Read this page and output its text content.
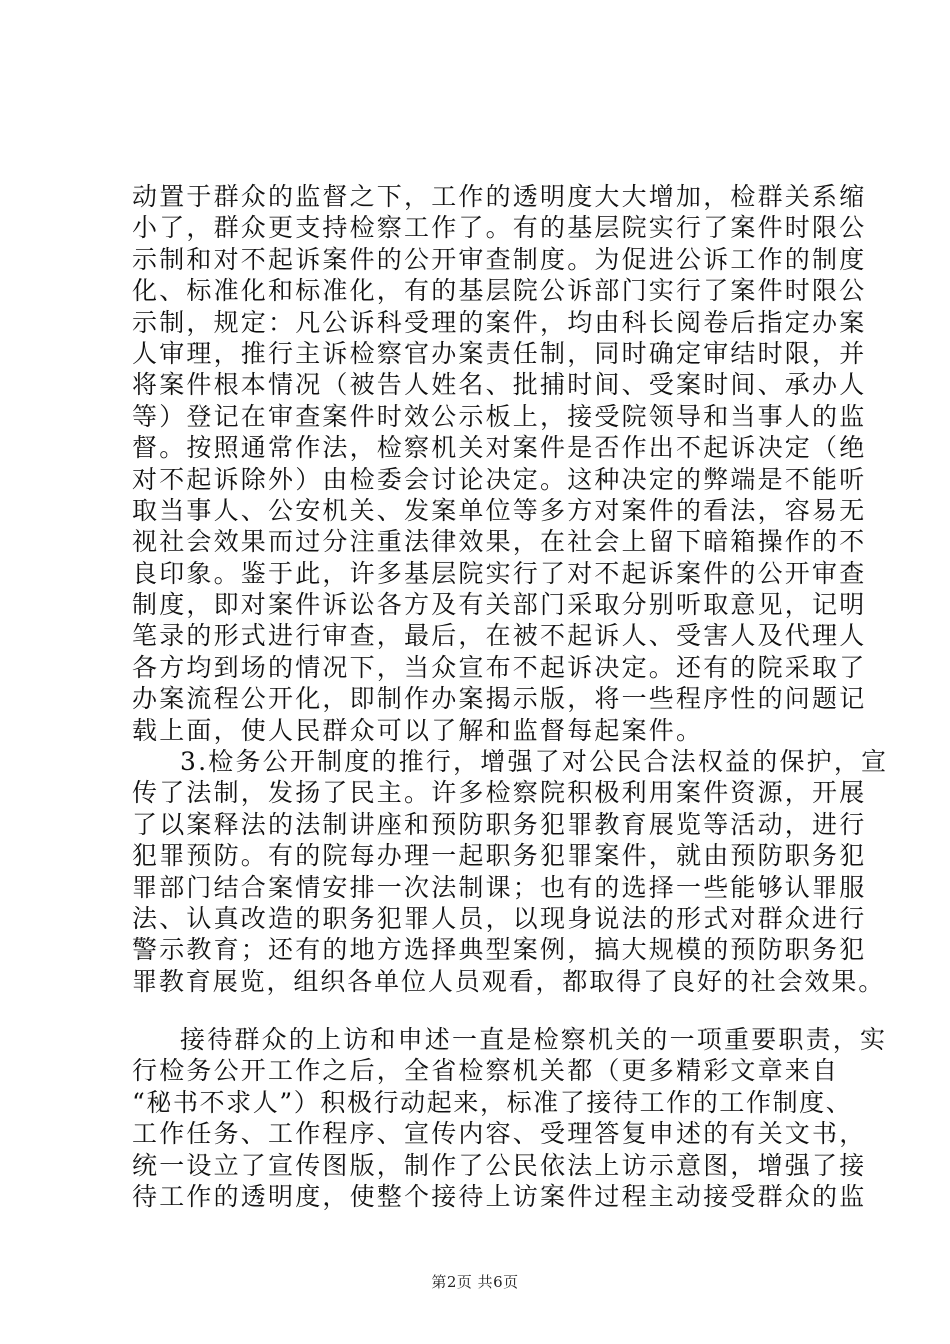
动置于群众的监督之下，工作的透明度大大增加，检群关系缩
小了，群众更支持检察工作了。有的基层院实行了案件时限公
示制和对不起诉案件的公开审查制度。为促进公诉工作的制度
化、标准化和标准化，有的基层院公诉部门实行了案件时限公
示制，规定：凡公诉科受理的案件，均由科长阅卷后指定办案
人审理，推行主诉检察官办案责任制，同时确定审结时限，并
将案件根本情况（被告人姓名、批捕时间、受案时间、承办人
等）登记在审查案件时效公示板上，接受院领导和当事人的监
督。按照通常作法，检察机关对案件是否作出不起诉决定（绝
对不起诉除外）由检委会讨论决定。这种决定的弊端是不能听
取当事人、公安机关、发案单位等多方对案件的看法，容易无
视社会效果而过分注重法律效果，在社会上留下暗箱操作的不
良印象。鉴于此，许多基层院实行了对不起诉案件的公开审查
制度，即对案件诉讼各方及有关部门采取分别听取意见，记明
笔录的形式进行审查，最后，在被不起诉人、受害人及代理人
各方均到场的情况下，当众宣布不起诉决定。还有的院采取了
办案流程公开化，即制作办案揭示版，将一些程序性的问题记
载上面，使人民群众可以了解和监督每起案件。
3.检务公开制度的推行，增强了对公民合法权益的保护，宣
传了法制，发扬了民主。许多检察院积极利用案件资源，开展
了以案释法的法制讲座和预防职务犯罪教育展览等活动，进行
犯罪预防。有的院每办理一起职务犯罪案件，就由预防职务犯
罪部门结合案情安排一次法制课；也有的选择一些能够认罪服
法、认真改造的职务犯罪人员，以现身说法的形式对群众进行
警示教育；还有的地方选择典型案例，搞大规模的预防职务犯
罪教育展览，组织各单位人员观看，都取得了良好的社会效果。
接待群众的上访和申述一直是检察机关的一项重要职责，实
行检务公开工作之后，全省检察机关都（更多精彩文章来自
“秘书不求人”）积极行动起来，标准了接待工作的工作制度、
工作任务、工作程序、宣传内容、受理答复申述的有关文书，
统一设立了宣传图版，制作了公民依法上访示意图，增强了接
待工作的透明度，使整个接待上访案件过程主动接受群众的监
第2页 共6页
